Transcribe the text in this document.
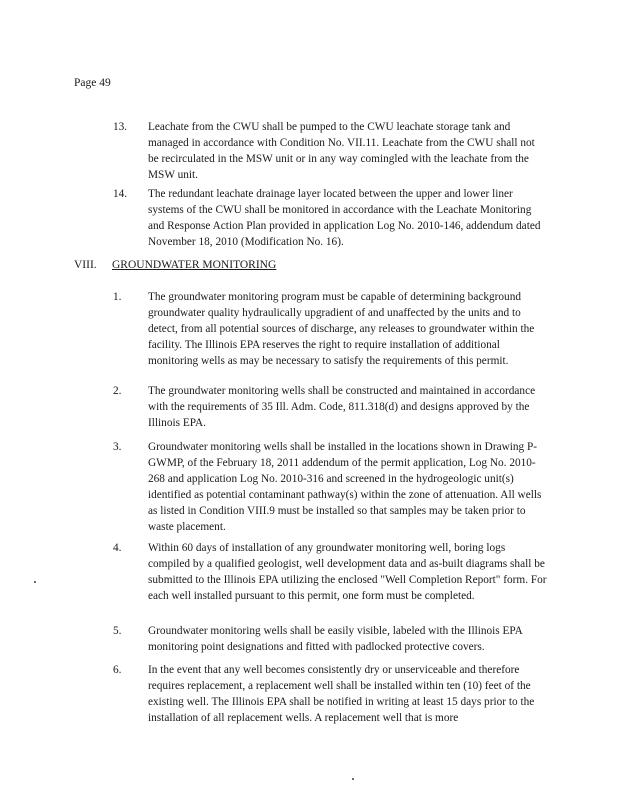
Page 49
13.	Leachate from the CWU shall be pumped to the CWU leachate storage tank and managed in accordance with Condition No. VII.11. Leachate from the CWU shall not be recirculated in the MSW unit or in any way comingled with the leachate from the MSW unit.
14.	The redundant leachate drainage layer located between the upper and lower liner systems of the CWU shall be monitored in accordance with the Leachate Monitoring and Response Action Plan provided in application Log No. 2010-146, addendum dated November 18, 2010 (Modification No. 16).
VIII. GROUNDWATER MONITORING
1.	The groundwater monitoring program must be capable of determining background groundwater quality hydraulically upgradient of and unaffected by the units and to detect, from all potential sources of discharge, any releases to groundwater within the facility. The Illinois EPA reserves the right to require installation of additional monitoring wells as may be necessary to satisfy the requirements of this permit.
2.	The groundwater monitoring wells shall be constructed and maintained in accordance with the requirements of 35 Ill. Adm. Code, 811.318(d) and designs approved by the Illinois EPA.
3.	Groundwater monitoring wells shall be installed in the locations shown in Drawing P-GWMP, of the February 18, 2011 addendum of the permit application, Log No. 2010-268 and application Log No. 2010-316 and screened in the hydrogeologic unit(s) identified as potential contaminant pathway(s) within the zone of attenuation. All wells as listed in Condition VIII.9 must be installed so that samples may be taken prior to waste placement.
4.	Within 60 days of installation of any groundwater monitoring well, boring logs compiled by a qualified geologist, well development data and as-built diagrams shall be submitted to the Illinois EPA utilizing the enclosed "Well Completion Report" form. For each well installed pursuant to this permit, one form must be completed.
5.	Groundwater monitoring wells shall be easily visible, labeled with the Illinois EPA monitoring point designations and fitted with padlocked protective covers.
6.	In the event that any well becomes consistently dry or unserviceable and therefore requires replacement, a replacement well shall be installed within ten (10) feet of the existing well. The Illinois EPA shall be notified in writing at least 15 days prior to the installation of all replacement wells. A replacement well that is more
